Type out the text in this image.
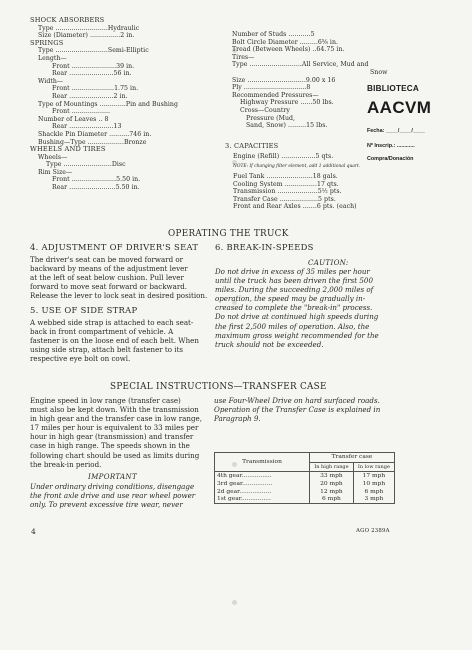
SHOCK ABSORBERS
Type ..........................Hydraulic
Size (Diameter) ...............2 in.
SPRINGS
Type ..........................Semi-Elliptic
Length—
Front ......................39 in.
Rear ......................56 in.
Width—
Front .....................1.75 in.
Rear ......................2 in.
Type of Mountings .............Pin and Bushing
Front ...................
Number of Leaves .. 8
Rear ......................13
Shackle Pin Diameter ..........746 in.
Bushing—Type ..................Bronze
WHEELS AND TIRES
Wheels—
Type ........................Disc
Rim Size—
Front ......................5.50 in.
Rear .......................5.50 in.
Number of Studs ...........5
Bolt Circle Diameter .........6⅝ in.
Tread (Between Wheels) ..64.75 in.
Tires—
Type ..........................All Service, Mud and
Snow
Size .............................9.00 x 16
Ply ...............................8
Recommended Pressures—
Highway Pressure ......50 lbs.
Cross—Country
Pressure (Mud,
Sand, Snow) .........15 lbs.
3. CAPACITIES
Engine (Refill) .................5 qts.
NOTE: If changing filter element, add 1 additional quart.
Fuel Tank .......................18 gals.
Cooling System ................17 qts.
Transmission ....................5½ pts.
Transfer Case ...................5 pts.
Front and Rear Axles .......6 pts. (each)
BIBLIOTECA
AACVM
Fecha: ____/____/____
Nº Inscrip.: ............
Compra/Donación
OPERATING THE TRUCK
4. ADJUSTMENT OF DRIVER'S SEAT
The driver's seat can be moved forward or
backward by means of the adjustment lever
at the left of seat below cushion. Pull lever
forward to move seat forward or backward.
Release the lever to lock seat in desired position.
5. USE OF SIDE STRAP
A webbed side strap is attached to each seat-
back in front compartment of vehicle. A
fastener is on the loose end of each belt. When
using side strap, attach belt fastener to its
respective eye bolt on cowl.
6. BREAK-IN-SPEEDS
CAUTION:
Do not drive in excess of 35 miles per hour
until the truck has been driven the first 500
miles. During the succeeding 2,000 miles of
operation, the speed may be gradually in-
creased to complete the "break-in" process.
Do not drive at continued high speeds during
the first 2,500 miles of operation. Also, the
maximum gross weight recommended for the
truck should not be exceeded.
SPECIAL INSTRUCTIONS—TRANSFER CASE
Engine speed in low range (transfer case)
must also be kept down. With the transmission
in high gear and the transfer case in low range,
17 miles per hour is equivalent to 33 miles per
hour in high gear (transmission) and transfer
case in high range. The speeds shown in the
following chart should be used as limits during
the break-in period.
IMPORTANT
Under ordinary driving conditions, disengage
the front axle drive and use rear wheel power
only. To prevent excessive tire wear, never
use Four-Wheel Drive on hard surfaced roads.
Operation of the Transfer Case is explained in
Paragraph 9.
Transmission	Transfer case	
	In high range	In low range
4th gear................	33 mph	17 mph
3rd gear................	20 mph	10 mph
2d gear.................	12 mph	6 mph
1st gear................	6 mph	3 mph
4	AGO 2389A
